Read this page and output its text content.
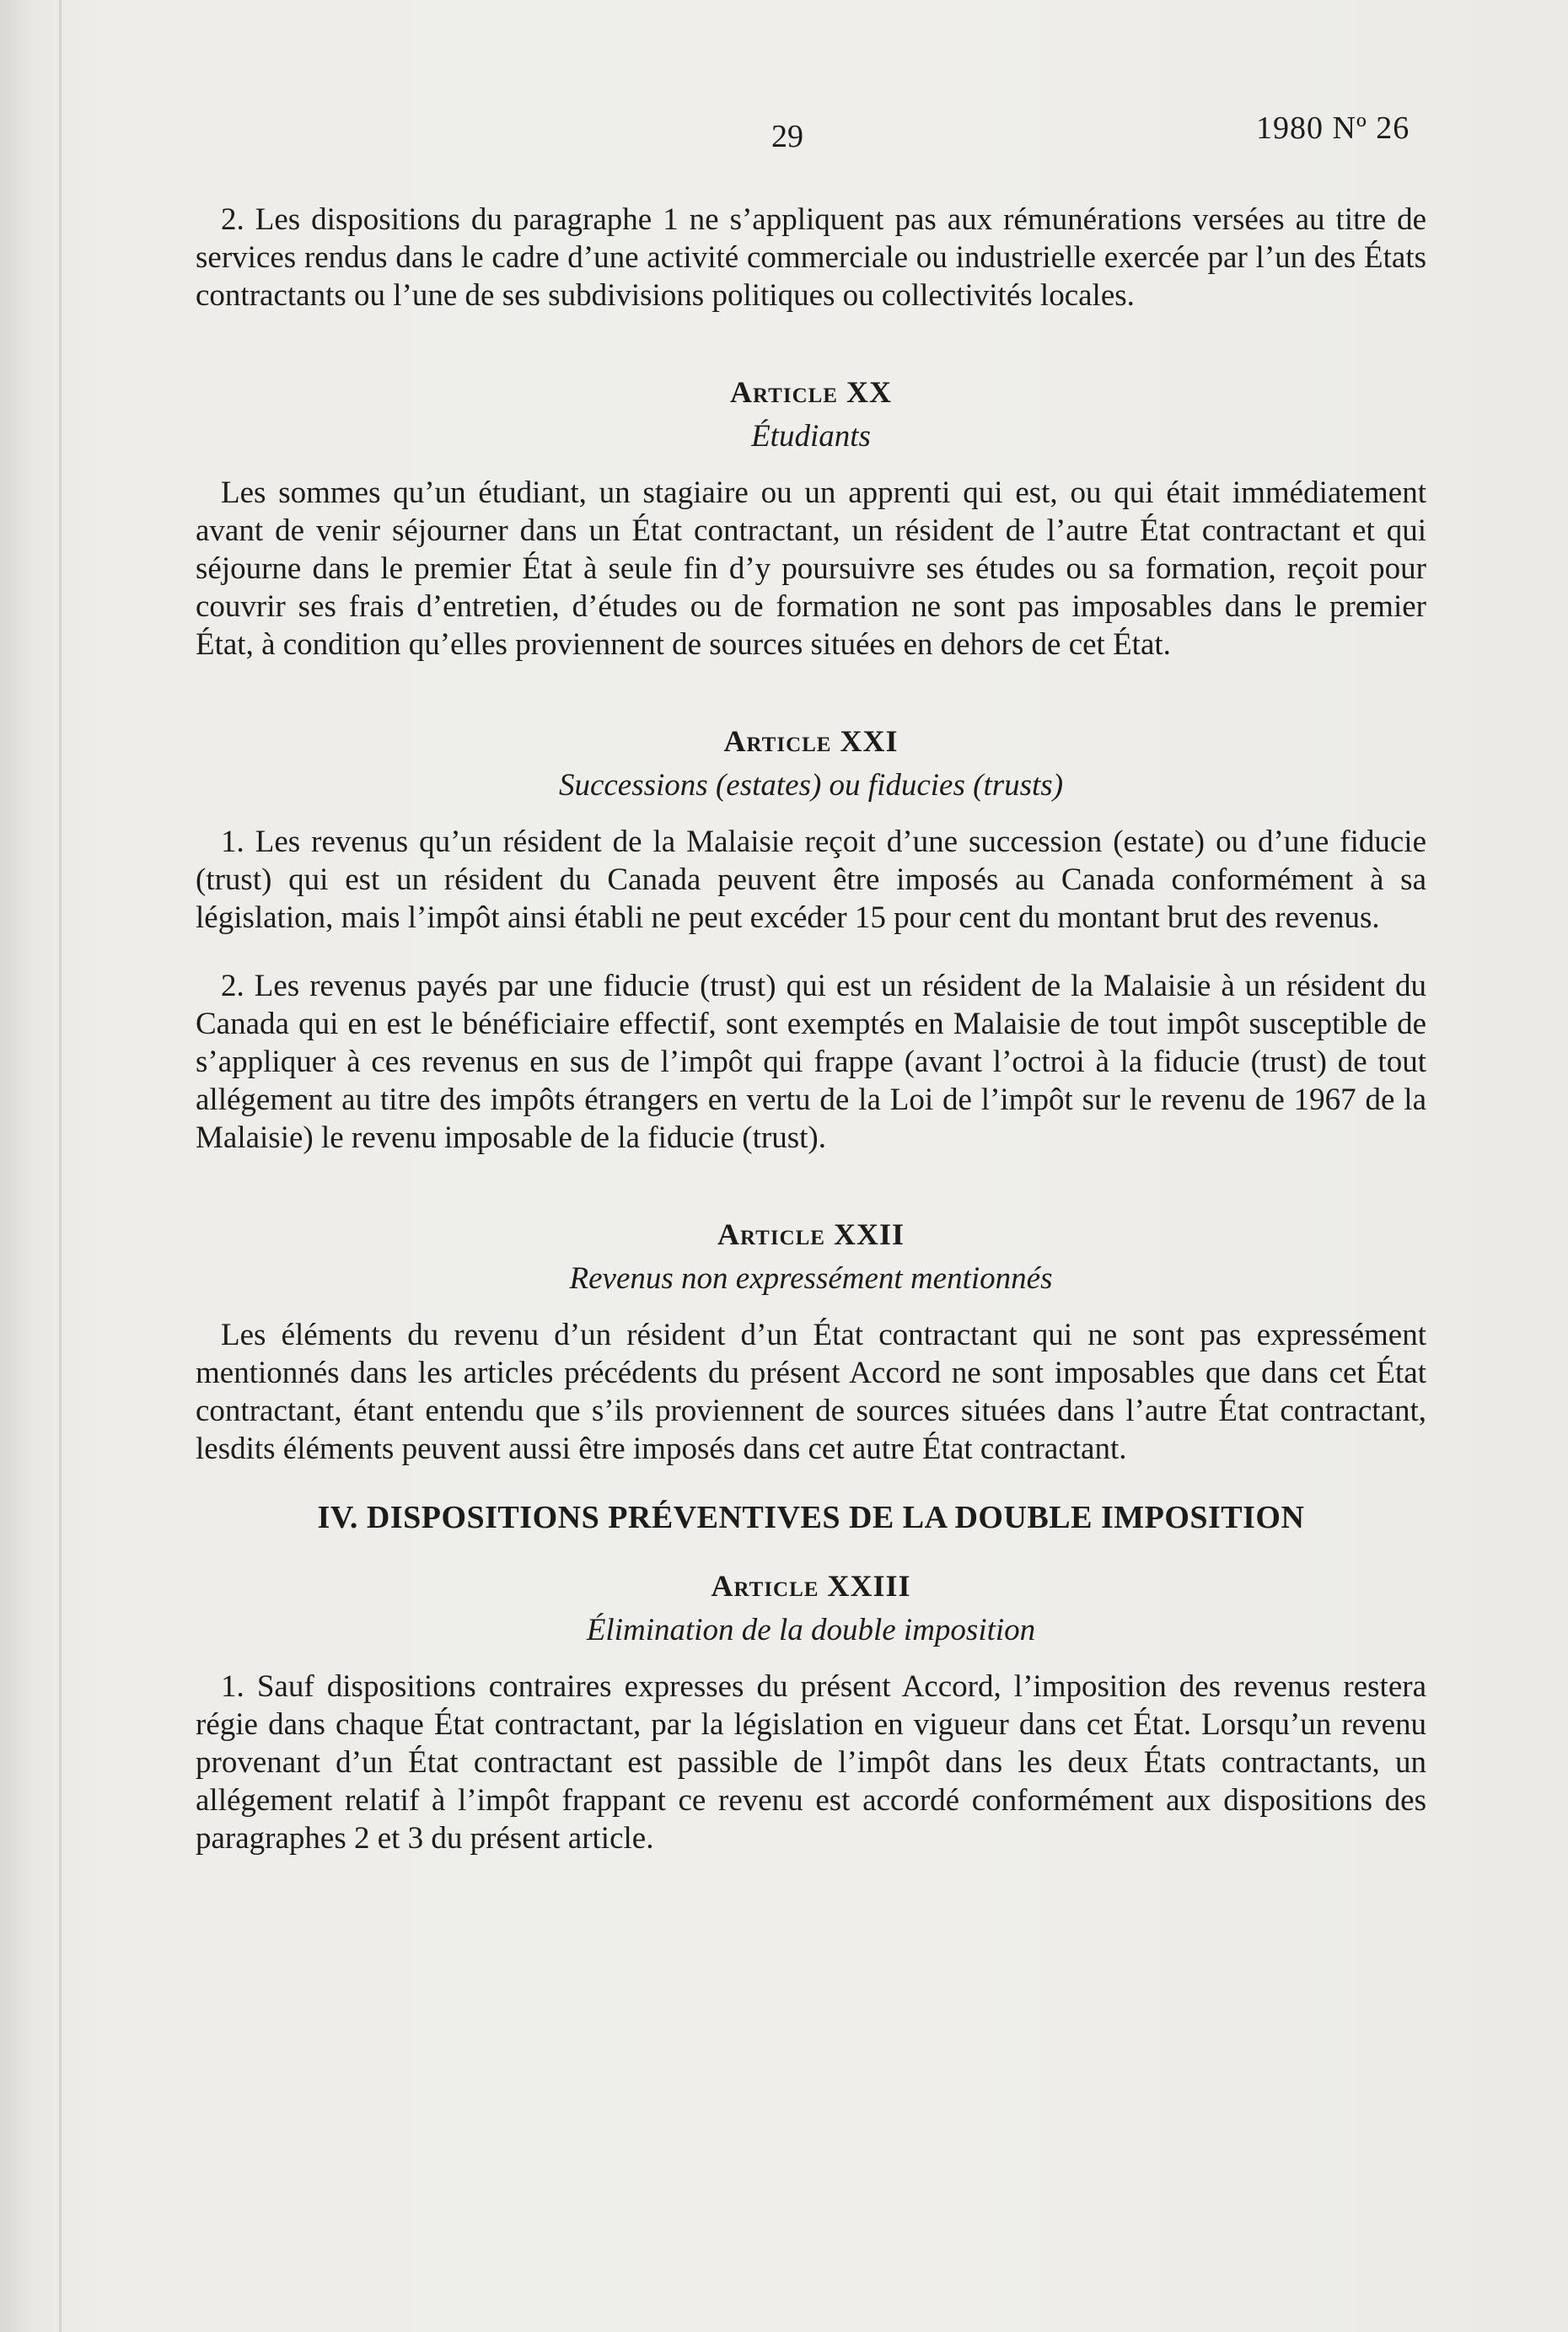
29	1980 Nº 26

2. Les dispositions du paragraphe 1 ne s’appliquent pas aux rémunérations versées au titre de services rendus dans le cadre d’une activité commerciale ou industrielle exercée par l’un des États contractants ou l’une de ses subdivisions politiques ou collectivités locales.

Article XX
Étudiants

Les sommes qu’un étudiant, un stagiaire ou un apprenti qui est, ou qui était immédiatement avant de venir séjourner dans un État contractant, un résident de l’autre État contractant et qui séjourne dans le premier État à seule fin d’y poursuivre ses études ou sa formation, reçoit pour couvrir ses frais d’entretien, d’études ou de formation ne sont pas imposables dans le premier État, à condition qu’elles proviennent de sources situées en dehors de cet État.

Article XXI
Successions (estates) ou fiducies (trusts)

1. Les revenus qu’un résident de la Malaisie reçoit d’une succession (estate) ou d’une fiducie (trust) qui est un résident du Canada peuvent être imposés au Canada conformément à sa législation, mais l’impôt ainsi établi ne peut excéder 15 pour cent du montant brut des revenus.

2. Les revenus payés par une fiducie (trust) qui est un résident de la Malaisie à un résident du Canada qui en est le bénéficiaire effectif, sont exemptés en Malaisie de tout impôt susceptible de s’appliquer à ces revenus en sus de l’impôt qui frappe (avant l’octroi à la fiducie (trust) de tout allégement au titre des impôts étrangers en vertu de la Loi de l’impôt sur le revenu de 1967 de la Malaisie) le revenu imposable de la fiducie (trust).

Article XXII
Revenus non expressément mentionnés

Les éléments du revenu d’un résident d’un État contractant qui ne sont pas expressément mentionnés dans les articles précédents du présent Accord ne sont imposables que dans cet État contractant, étant entendu que s’ils proviennent de sources situées dans l’autre État contractant, lesdits éléments peuvent aussi être imposés dans cet autre État contractant.

IV. DISPOSITIONS PRÉVENTIVES DE LA DOUBLE IMPOSITION
Article XXIII
Élimination de la double imposition

1. Sauf dispositions contraires expresses du présent Accord, l’imposition des revenus restera régie dans chaque État contractant, par la législation en vigueur dans cet État. Lorsqu’un revenu provenant d’un État contractant est passible de l’impôt dans les deux États contractants, un allégement relatif à l’impôt frappant ce revenu est accordé conformément aux dispositions des paragraphes 2 et 3 du présent article.
